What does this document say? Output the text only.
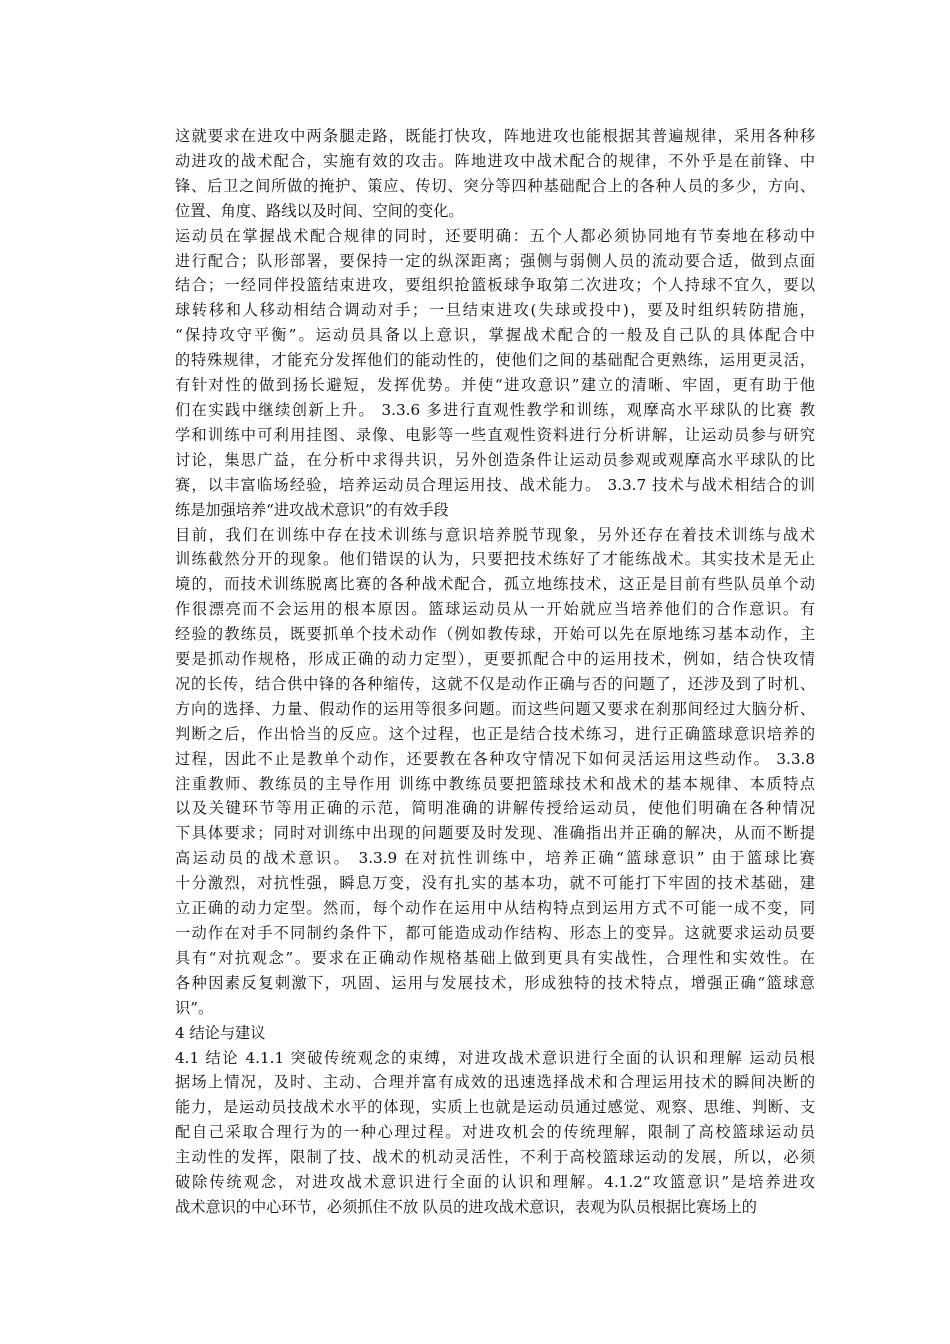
这就要求在进攻中两条腿走路，既能打快攻，阵地进攻也能根据其普遍规律，采用各种移
动进攻的战术配合，实施有效的攻击。阵地进攻中战术配合的规律，不外乎是在前锋、中
锋、后卫之间所做的掩护、策应、传切、突分等四种基础配合上的各种人员的多少，方向、
位置、角度、路线以及时间、空间的变化。
运动员在掌握战术配合规律的同时，还要明确：五个人都必须协同地有节奏地在移动中
进行配合；队形部署，要保持一定的纵深距离；强侧与弱侧人员的流动要合适，做到点面
结合；一经同伴投篮结束进攻，要组织抢篮板球争取第二次进攻；个人持球不宜久，要以
球转移和人移动相结合调动对手；一旦结束进攻(失球或投中)，要及时组织转防措施，
“保持攻守平衡”。运动员具备以上意识，掌握战术配合的一般及自己队的具体配合中
的特殊规律，才能充分发挥他们的能动性的，使他们之间的基础配合更熟练，运用更灵活，
有针对性的做到扬长避短，发挥优势。并使“进攻意识”建立的清晰、牢固，更有助于他
们在实践中继续创新上升。 3.3.6 多进行直观性教学和训练，观摩高水平球队的比赛 教
学和训练中可利用挂图、录像、电影等一些直观性资料进行分析讲解，让运动员参与研究
讨论，集思广益，在分析中求得共识，另外创造条件让运动员参观或观摩高水平球队的比
赛，以丰富临场经验，培养运动员合理运用技、战术能力。 3.3.7 技术与战术相结合的训
练是加强培养“进攻战术意识”的有效手段
目前，我们在训练中存在技术训练与意识培养脱节现象，另外还存在着技术训练与战术
训练截然分开的现象。他们错误的认为，只要把技术练好了才能练战术。其实技术是无止
境的，而技术训练脱离比赛的各种战术配合，孤立地练技术，这正是目前有些队员单个动
作很漂亮而不会运用的根本原因。篮球运动员从一开始就应当培养他们的合作意识。有
经验的教练员，既要抓单个技术动作（例如教传球，开始可以先在原地练习基本动作，主
要是抓动作规格，形成正确的动力定型），更要抓配合中的运用技术，例如，结合快攻情
况的长传，结合供中锋的各种缩传，这就不仅是动作正确与否的问题了，还涉及到了时机、
方向的选择、力量、假动作的运用等很多问题。而这些问题又要求在刹那间经过大脑分析、
判断之后，作出恰当的反应。这个过程，也正是结合技术练习，进行正确篮球意识培养的
过程，因此不止是教单个动作，还要教在各种攻守情况下如何灵活运用这些动作。 3.3.8
注重教师、教练员的主导作用 训练中教练员要把篮球技术和战术的基本规律、本质特点
以及关键环节等用正确的示范，简明准确的讲解传授给运动员，使他们明确在各种情况
下具体要求；同时对训练中出现的问题要及时发现、准确指出并正确的解决，从而不断提
高运动员的战术意识。 3.3.9 在对抗性训练中，培养正确“篮球意识” 由于篮球比赛
十分激烈，对抗性强，瞬息万变，没有扎实的基本功，就不可能打下牢固的技术基础，建
立正确的动力定型。然而，每个动作在运用中从结构特点到运用方式不可能一成不变，同
一动作在对手不同制约条件下，都可能造成动作结构、形态上的变异。这就要求运动员要
具有“对抗观念”。要求在正确动作规格基础上做到更具有实战性，合理性和实效性。在
各种因素反复刺激下，巩固、运用与发展技术，形成独特的技术特点，增强正确“篮球意
识”。
4 结论与建议
4.1 结论 4.1.1 突破传统观念的束缚，对进攻战术意识进行全面的认识和理解 运动员根
据场上情况，及时、主动、合理并富有成效的迅速选择战术和合理运用技术的瞬间决断的
能力，是运动员技战术水平的体现，实质上也就是运动员通过感觉、观察、思维、判断、支
配自己采取合理行为的一种心理过程。对进攻机会的传统理解，限制了高校篮球运动员
主动性的发挥，限制了技、战术的机动灵活性，不利于高校篮球运动的发展，所以，必须
破除传统观念，对进攻战术意识进行全面的认识和理解。4.1.2“攻篮意识”是培养进攻
战术意识的中心环节，必须抓住不放 队员的进攻战术意识，表观为队员根据比赛场上的
